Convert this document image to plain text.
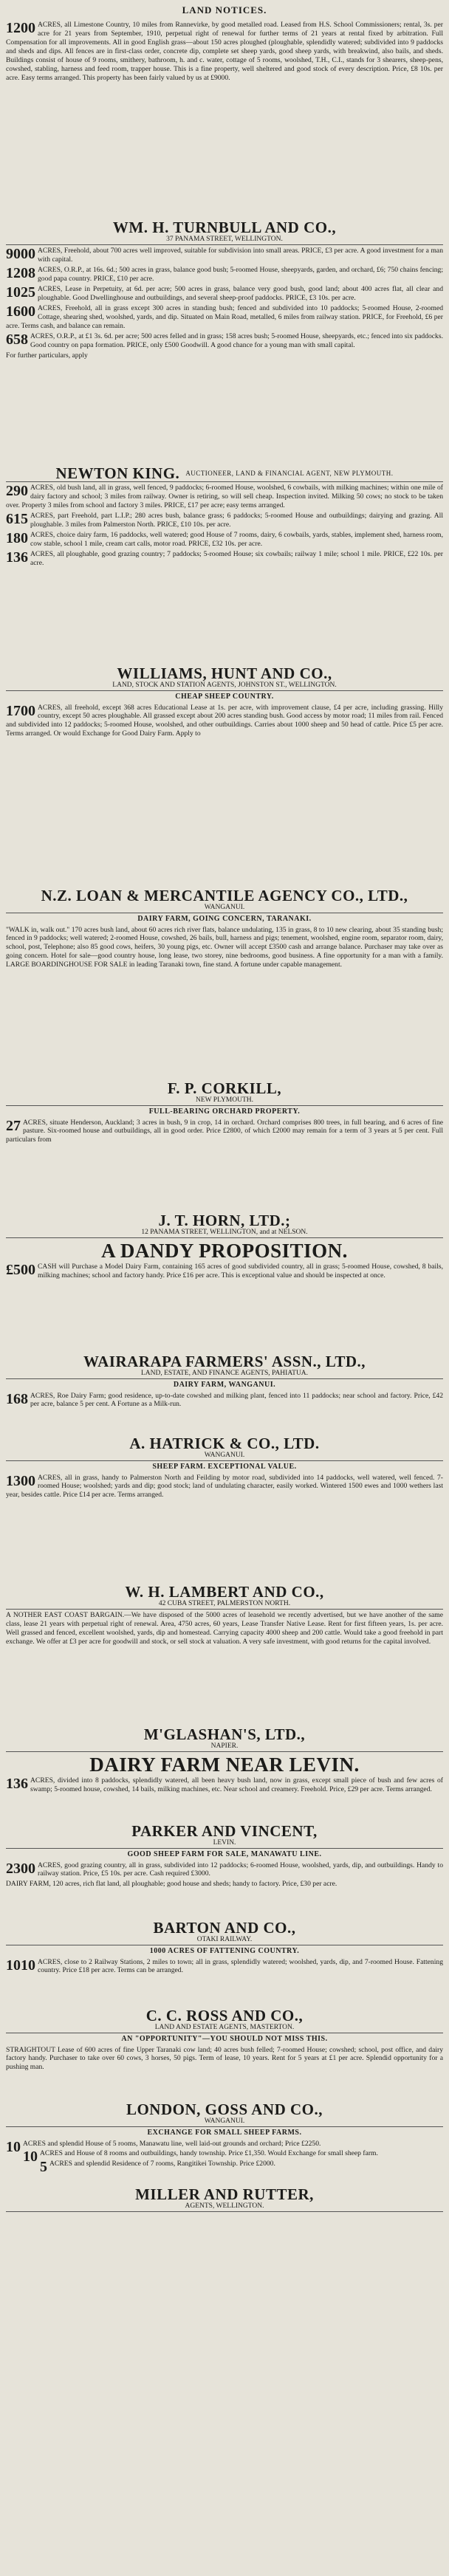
LAND NOTICES.
1200 ACRES, all Limestone Country, 10 miles from Rannevirke, by good metalled road. Leased from H.S. School Commissioners; rental, 3s. per acre for 21 years from September, 1910, perpetual right of renewal for further terms of 21 years at rental fixed by arbitration. Full Compensation for all improvements. All in good English grass—about 150 acres ploughed (ploughable, splendidly watered; subdivided into 9 paddocks and sheds and dips. All fences are in first-class order, concrete dip, complete set sheep yards, good sheep yards, with breakwind, also bails, and sheds. Buildings consist of house of 9 rooms, smithery, bathroom, h. and c. water, cottage of 5 rooms, woolshed, T.H., C.I., stands for 3 shearers, sheep-pens, cowshed, stabling, harness and feed room, trapper house. This is a fine property, well sheltered and good stock of every description. Price, £8 10s. per acre. Easy terms arranged. This property has been fairly valued by us at £9000.
WM. H. TURNBULL AND CO.,
37 PANAMA STREET, WELLINGTON.
9000 ACRES, Freehold, about 700 acres well improved, suitable for subdivision into small areas. PRICE, £3 per acre. A good investment for a man with capital.
1208 ACRES, O.R.P., at 16s. 6d.; 500 acres in grass, balance good bush; 5-roomed House, sheepyards, garden, and orchard, £6; 750 chains fencing; good papa country. PRICE, £10 per acre.
1025 ACRES, Lease in Perpetuity, at 6d. per acre; 500 acres in grass, balance very good bush, good land; about 400 acres flat, all clear and ploughable. Good Dwellinghouse and outbuildings, and several sheep-proof paddocks. PRICE, £3 10s. per acre.
1600 ACRES, Freehold, all in grass except 300 acres in standing bush; fenced and subdivided into 10 paddocks; 5-roomed House, 2-roomed Cottage, shearing shed, woolshed, yards, and dip. Situated on Main Road, metalled, 6 miles from railway station. PRICE, for Freehold, £6 per acre. Terms cash, and balance can remain.
658 ACRES, O.R.P., at £1 3s. 6d. per acre; 500 acres felled and in grass; 158 acres bush; 5-roomed House, sheepyards, etc.; fenced into six paddocks. Good country on papa formation. PRICE, only £500 Goodwill. A good chance for a young man with small capital.
For further particulars, apply
NEWTON KING. AUCTIONEER, LAND & FINANCIAL AGENT, NEW PLYMOUTH.
290 ACRES, old bush land, all in grass, well fenced, 9 paddocks; 6-roomed House, woolshed, 6 cowbails, with milking machines; within one mile of dairy factory and school; 3 miles from railway. Owner is retiring, so will sell cheap. Inspection invited. Milking 50 cows; no stock to be taken over. Property 3 miles from school and factory 3 miles. PRICE, £17 per acre; easy terms arranged.
615 ACRES, part Freehold, part L.I.P.; 280 acres bush, balance grass; 6 paddocks; 5-roomed House and outbuildings; dairying and grazing. All ploughable. 3 miles from Palmerston North. PRICE, £10 10s. per acre.
180 ACRES, choice dairy farm, 16 paddocks, well watered; good House of 7 rooms, dairy, 6 cowbails, yards, stables, implement shed, harness room, cow stable, school 1 mile, cream cart calls, motor road. PRICE, £32 10s. per acre.
136 ACRES, all ploughable, good grazing country; 7 paddocks; 5-roomed House; six cowbails; railway 1 mile; school 1 mile. PRICE, £22 10s. per acre.
WILLIAMS, HUNT AND CO.,
LAND, STOCK AND STATION AGENTS, JOHNSTON ST., WELLINGTON.
CHEAP SHEEP COUNTRY.
1700 ACRES, all freehold, except 368 acres Educational Lease at 1s. per acre, with improvement clause, £4 per acre, including grassing. Hilly country, except 50 acres ploughable. All grassed except about 200 acres standing bush. Good access by motor road; 11 miles from rail. Fenced and subdivided into 12 paddocks; 5-roomed House, woolshed, and other outbuildings. Carries about 1000 sheep and 50 head of cattle. Price £5 per acre. Terms arranged. Or would Exchange for Good Dairy Farm. Apply to
N.Z. LOAN & MERCANTILE AGENCY CO., LTD.,
WANGANUI.
DAIRY FARM, GOING CONCERN, TARANAKI.
"WALK in, walk out." 170 acres bush land, about 60 acres rich river flats, balance undulating, 135 in grass, 8 to 10 new clearing, about 35 standing bush; fenced in 9 paddocks; well watered; 2-roomed House, cowshed, 26 bails, bull, harness and pigs; tenement, woolshed, engine room, separator room, dairy, school, post, Telephone; also 85 good cows, heifers, 30 young pigs, etc. Owner will accept £3500 cash and arrange balance. Purchaser may take over as going concern. Hotel for sale—good country house, long lease, two storey, nine bedrooms, good business. A fine opportunity for a man with a family. LARGE BOARDINGHOUSE FOR SALE in leading Taranaki town, fine stand. A fortune under capable management.
F. P. CORKILL,
NEW PLYMOUTH.
FULL-BEARING ORCHARD PROPERTY.
27 ACRES, situate Henderson, Auckland; 3 acres in bush, 9 in crop, 14 in orchard. Orchard comprises 800 trees, in full bearing, and 6 acres of fine pasture. Six-roomed house and outbuildings, all in good order. Price £2800, of which £2000 may remain for a term of 3 years at 5 per cent. Full particulars from
J. T. HORN, LTD.;
12 PANAMA STREET, WELLINGTON, and at NELSON.
A DANDY PROPOSITION.
£500 CASH will Purchase a Model Dairy Farm, containing 165 acres of good subdivided country, all in grass; 5-roomed House, cowshed, 8 bails, milking machines; school and factory handy. Price £16 per acre. This is exceptional value and should be inspected at once.
WAIRARAPA FARMERS' ASSN., LTD.,
LAND, ESTATE, AND FINANCE AGENTS, PAHIATUA.
DAIRY FARM, WANGANUI.
168 ACRES, Roe Dairy Farm; good residence, up-to-date cowshed and milking plant, fenced into 11 paddocks; near school and factory. Price, £42 per acre, balance 5 per cent. A Fortune as a Milk-run.
A. HATRICK & CO., LTD.
WANGANUI.
SHEEP FARM. EXCEPTIONAL VALUE.
1300 ACRES, all in grass, handy to Palmerston North and Feilding by motor road, subdivided into 14 paddocks, well watered, well fenced. 7-roomed House; woolshed; yards and dip; good stock; land of undulating character, easily worked. Wintered 1500 ewes and 1000 wethers last year, besides cattle. Price £14 per acre. Terms arranged.
W. H. LAMBERT AND CO.,
42 CUBA STREET, PALMERSTON NORTH.
A NOTHER EAST COAST BARGAIN.—We have disposed of the 5000 acres of leasehold we recently advertised, but we have another of the same class, lease 21 years with perpetual right of renewal. Area, 4750 acres, 60 years, Lease Transfer Native Lease. Rent for first fifteen years, 1s. per acre. Well grassed and fenced, excellent woolshed, yards, dip and homestead. Carrying capacity 4000 sheep and 200 cattle. Would take a good freehold in part exchange. We offer at £3 per acre for goodwill and stock, or sell stock at valuation. A very safe investment, with good returns for the capital involved.
M'GLASHAN'S, LTD.,
NAPIER.
DAIRY FARM NEAR LEVIN.
136 ACRES, divided into 8 paddocks, splendidly watered, all been heavy bush land, now in grass, except small piece of bush and few acres of swamp; 5-roomed house, cowshed, 14 bails, milking machines, etc. Near school and creamery. Freehold. Price, £29 per acre. Terms arranged.
PARKER AND VINCENT,
LEVIN.
GOOD SHEEP FARM FOR SALE, MANAWATU LINE.
2300 ACRES, good grazing country, all in grass, subdivided into 12 paddocks; 6-roomed House, woolshed, yards, dip, and outbuildings. Handy to railway station. Price, £5 10s. per acre. Cash required £3000.
DAIRY FARM, 120 acres, rich flat land, all ploughable; good house and sheds; handy to factory. Price, £30 per acre.
BARTON AND CO.,
OTAKI RAILWAY.
1000 ACRES OF FATTENING COUNTRY.
1010 ACRES, close to 2 Railway Stations, 2 miles to town; all in grass, splendidly watered; woolshed, yards, dip, and 7-roomed House. Fattening country. Price £18 per acre. Terms can be arranged.
C. C. ROSS AND CO.,
LAND AND ESTATE AGENTS, MASTERTON.
AN "OPPORTUNITY"—YOU SHOULD NOT MISS THIS.
STRAIGHTOUT Lease of 600 acres of fine Upper Taranaki cow land; 40 acres bush felled; 7-roomed House; cowshed; school, post office, and dairy factory handy. Purchaser to take over 60 cows, 3 horses, 50 pigs. Term of lease, 10 years. Rent for 5 years at £1 per acre. Splendid opportunity for a pushing man.
LONDON, GOSS AND CO.,
WANGANUI.
EXCHANGE FOR SMALL SHEEP FARMS.
10 ACRES and splendid House of 5 rooms, Manawatu line, well laid-out grounds and orchard; Price £2250.
10 ACRES and House of 8 rooms and outbuildings, handy township. Price £1,350. Would Exchange for small sheep farm.
5 ACRES and splendid Residence of 7 rooms, Rangitikei Township. Price £2000.
MILLER AND RUTTER,
AGENTS, WELLINGTON.
